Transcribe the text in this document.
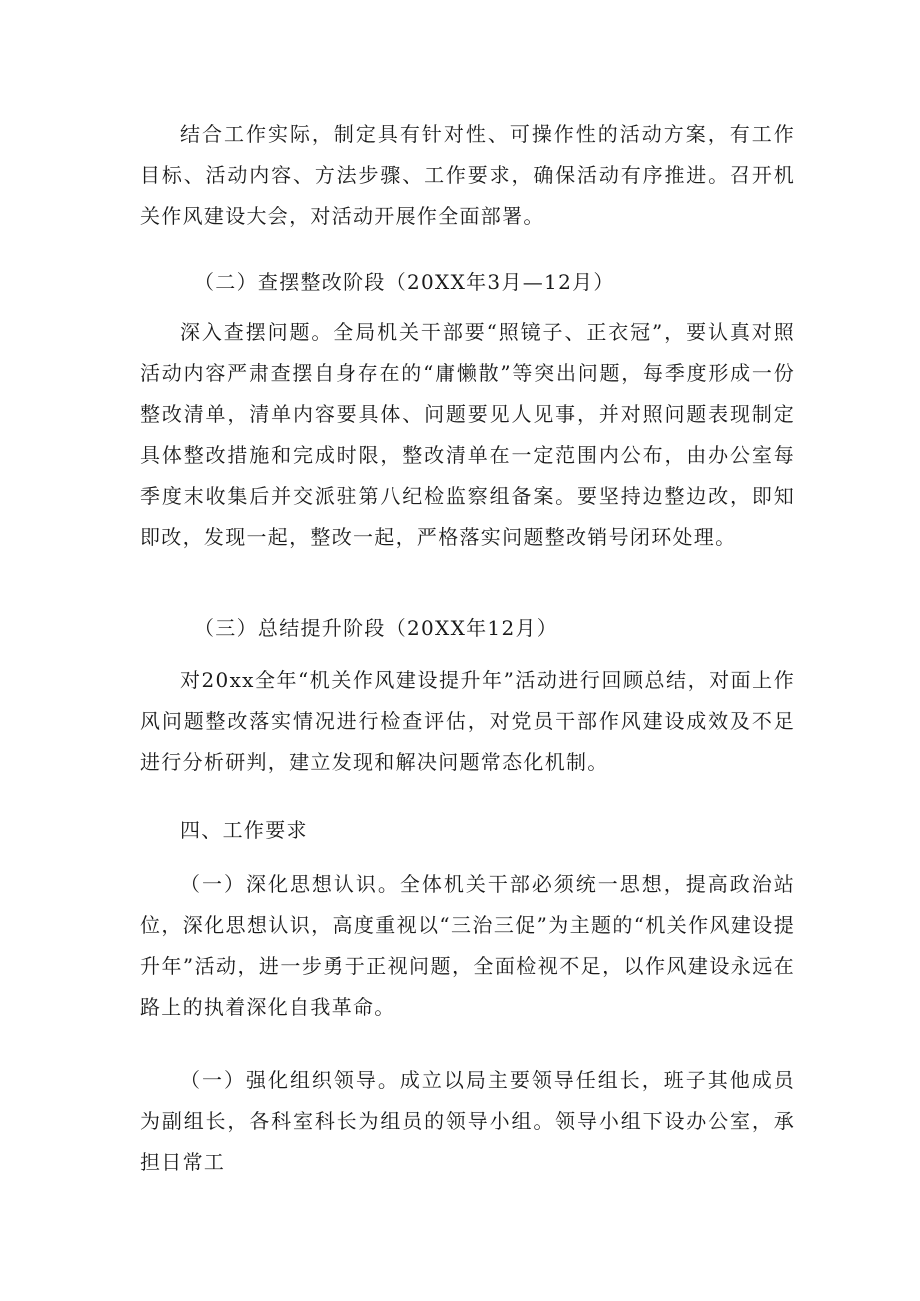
结合工作实际，制定具有针对性、可操作性的活动方案，有工作目标、活动内容、方法步骤、工作要求，确保活动有序推进。召开机关作风建设大会，对活动开展作全面部署。

（二）查摆整改阶段（20XX年3月—12月）

深入查摆问题。全局机关干部要“照镜子、正衣冠”，要认真对照活动内容严肃查摆自身存在的“庸懒散”等突出问题，每季度形成一份整改清单，清单内容要具体、问题要见人见事，并对照问题表现制定具体整改措施和完成时限，整改清单在一定范围内公布，由办公室每季度末收集后并交派驻第八纪检监察组备案。要坚持边整边改，即知即改，发现一起，整改一起，严格落实问题整改销号闭环处理。

（三）总结提升阶段（20XX年12月）

对20xx全年“机关作风建设提升年”活动进行回顾总结，对面上作风问题整改落实情况进行检查评估，对党员干部作风建设成效及不足进行分析研判，建立发现和解决问题常态化机制。

四、工作要求

（一）深化思想认识。全体机关干部必须统一思想，提高政治站位，深化思想认识，高度重视以“三治三促”为主题的“机关作风建设提升年”活动，进一步勇于正视问题，全面检视不足，以作风建设永远在路上的执着深化自我革命。

（一）强化组织领导。成立以局主要领导任组长，班子其他成员为副组长，各科室科长为组员的领导小组。领导小组下设办公室，承担日常工
